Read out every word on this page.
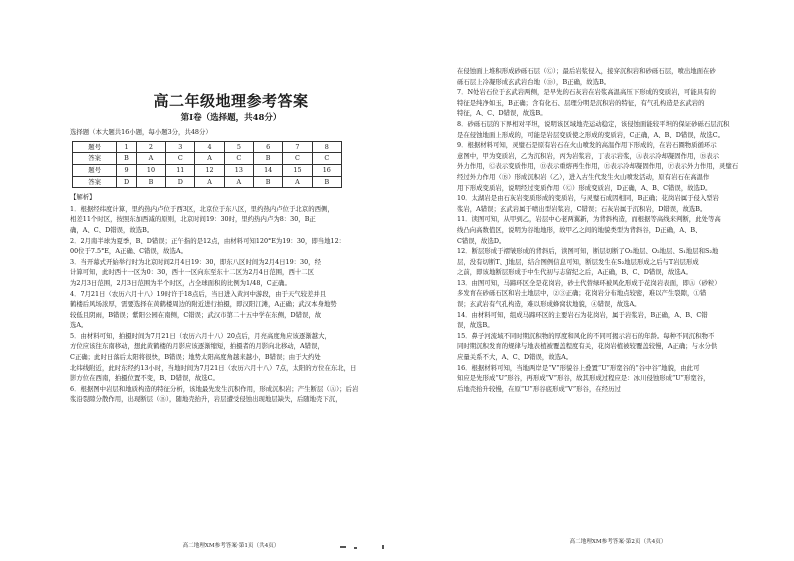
高二年级地理参考答案
第Ⅰ卷（选择题，共48分）
选择题（本大题共16小题，每小题3分，共48分）
题号	1	2	3	4	5	6	7	8
答案	B	A	C	A	C	B	C	C
题号	9	10	11	12	13	14	15	16
答案	D	B	D	A	A	B	A	B
【解析】

1．根据经纬度计算，里约热内卢位于西3区，北京位于东八区，里约热内卢位于北京的西侧，

相差11个时区，按照东加西减的原则，北京时间19：30时，里约热内卢为8：30，B正

确，A、C、D错误，故选B。

2．2月南半球为夏季，B、D错误；正午指的是12点，由材料可知120°E为19：30，即当地12：

00位于7.5°E，A正确、C错误，故选A。

3．当开幕式开始举行时为北京时间2月4日19：30，即东八区时间为2月4日19：30，经

计算可知，此时西十一区为0：30，西十一区向东至东十二区为2月4日范围，西十二区

为2月3日范围，2月3日范围为半个时区，占全球面积的比例为1/48，C正确。

4．7月21日（农历六月十八）19时许于18点后，当日进入黄河中游段，由于天气较差并且

鹤楼后风场浓厚，需要选择在黄鹤楼周边的附近进行拍摄，即汉阳江滩，A正确；武汉本身地势

较低且阴雨，B错误；紫阳公园在南侧，C错误；武汉市第二十五中学在东侧，D错误，故

选A。

5．由材料可知，拍摄时间为7月21日（农历六月十八）20点后，月亮高度角应该逐渐越大，

方位应该往东南移动，想此黄鹤楼的月影应该逐渐缩短，拍摄者的月影向北移动，A错误，

C正确；此时日落后太阳将很快，B错误；地势太阳高度角越来越小，B错误；由于大约处

北纬线附近，此时东经约13小时，当地时间为7月21日（农历六月十八）7点，太阳的方位在东北，日

影方位在西南，拍摄位置不变，B、D错误，故选C。

6．根据图中岩层和地质构造的特征分析，该地最先发生沉积作用，形成沉积岩；产生断层（Ⓐ）；后岩

浆沿裂隙分散作用，出现断层（Ⓑ），随地壳抬升，岩层遭受侵蚀出现地层缺失，后随地壳下沉，

高二地理XM参考答案·第1页（共4页）

在侵蚀面上堆积形成砂砾石层（Ⓒ）；最后岩浆侵入，接穿沉积岩和砂砾石层，喷出地面在砂

砾石层上冷凝形成玄武岩台地（Ⓓ），B正确，故选B。

7．N处岩石位于玄武岩两侧，是早先的石灰岩在岩浆高温高压下形成的变质岩，可能具有的

特征是纯净如玉，B正确；含有化石、层理分明是沉积岩的特征，有气孔构造是玄武岩的

特征，A、C、D错误，故选B。

8．砂砾石层的下界相对平坦，说明该区域地壳运动稳定，该侵蚀面能较平坦的保证砂砾石层沉积

是在侵蚀地面上形成的，可能是岩层变质使之形成的变质岩，C正确，A、B、D错误，故选C。

9．根据材料可知，灵璧石是原有岩石在火山喷发的高温作用下形成的，在岩石圈物质循环示

意图中，甲为变质岩，乙为沉积岩，丙为岩浆岩，丁表示岩浆，Ⓐ表示冷却凝固作用，Ⓑ表示

外力作用，Ⓒ表示变质作用，Ⓓ表示重熔再生作用，Ⓔ表示冷却凝固作用，Ⓕ表示外力作用，灵璧石

经过外力作用（Ⓑ）形成沉积岩（乙），进入古生代发生火山喷发活动，原有岩石在高温作

用下形成变质岩，说明经过变质作用（Ⓒ）形成变质岩，D正确，A、B、C错误，故选D。

10．太湖岩是由石灰岩变质形成的变质岩，与灵璧石成因相同，B正确；花岗岩属于侵入型岩

浆岩，A错误；玄武岩属于喷出型岩浆岩，C错误；石灰岩属于沉积岩，D错误，故选B。

11．读图可知，从甲到乙，岩层中心老两翼新，为背斜构造，而根据等高线来判断，此处等高

线凸向高数值区，说明为谷地地形，故甲乙之间的地貌类型为背斜谷，D正确，A、B、

C错误，故选D。

12．断层形成于褶皱形成的背斜后，读图可知，断层切断了O₂地层、O₂地层、S₁地层和S₂地

层，没有切断T、J地层，结合图例信息可知，断层发生在S₂地层形成之后与T岩层形成

之前，即该地断层形成于中生代初与志留纪之后，A正确，B、C、D错误，故选A。

13．由图可知，马蹄环区全是花岗岩，砂土代替绿环被风化形成于花岗岩表面，即Ⓐ（砂粒）

多发育在砂砾石区和岩土地层中，②③正确；花岗岩分布地点较密，难以产生裂隙，①错

误；玄武岩有气孔构造，难以形成蜂窝状地貌，④错误，故选A。

14．由材料可知，组成马蹄环区的主要岩石为花岗岩，属于岩浆岩，B正确，A、B、C错

误，故选B。

15．鼻子河流域不同时期沉积物的厚度和风化的不同可揭示岩石的年龄。每种不同沉积物不

同时期沉积发育的规律与地表植被覆盖程度有关，花岗岩植被较覆盖较慢，A正确；与水分供

应量关系不大，A、C、D错误，故选A。

16．根据材料可知，当地两岸是“V”形貌谷上叠置“U”形宽谷的“谷中谷”地貌，由此可

知应是先形成“U”形谷，再形成“V”形谷，故其形成过程应是：冰川侵蚀形成“U”形宽谷，

后地壳抬升较慢，在原“U”形谷底形成“V”形谷，在经历过

高二地理XM参考答案·第2页（共4页）
